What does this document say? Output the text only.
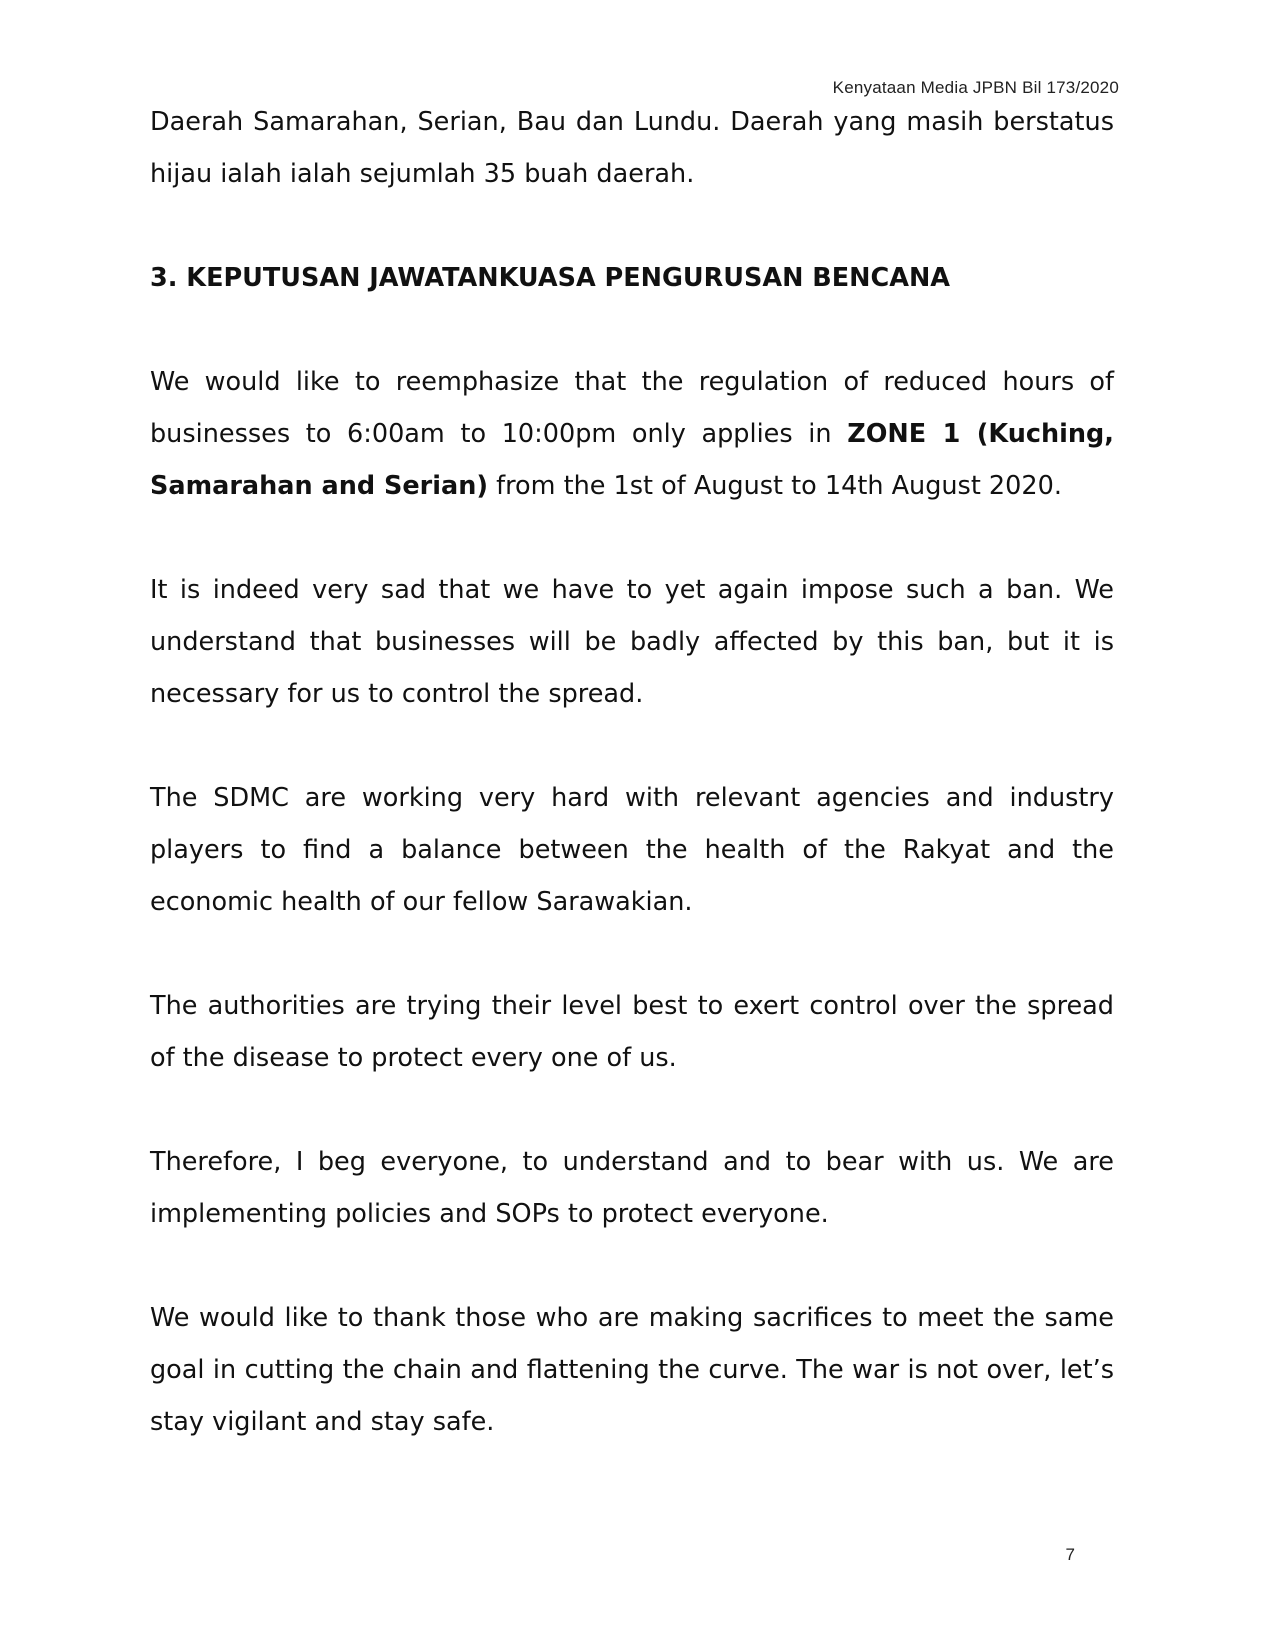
Kenyataan Media JPBN Bil 173/2020

Daerah Samarahan, Serian, Bau dan Lundu. Daerah yang masih berstatus hijau ialah ialah sejumlah 35 buah daerah.

3. KEPUTUSAN JAWATANKUASA PENGURUSAN BENCANA

We would like to reemphasize that the regulation of reduced hours of businesses to 6:00am to 10:00pm only applies in ZONE 1 (Kuching, Samarahan and Serian) from the 1st of August to 14th August 2020.

It is indeed very sad that we have to yet again impose such a ban. We understand that businesses will be badly affected by this ban, but it is necessary for us to control the spread.

The SDMC are working very hard with relevant agencies and industry players to find a balance between the health of the Rakyat and the economic health of our fellow Sarawakian.

The authorities are trying their level best to exert control over the spread of the disease to protect every one of us.

Therefore, I beg everyone, to understand and to bear with us. We are implementing policies and SOPs to protect everyone.

We would like to thank those who are making sacrifices to meet the same goal in cutting the chain and flattening the curve. The war is not over, let’s stay vigilant and stay safe.

7
